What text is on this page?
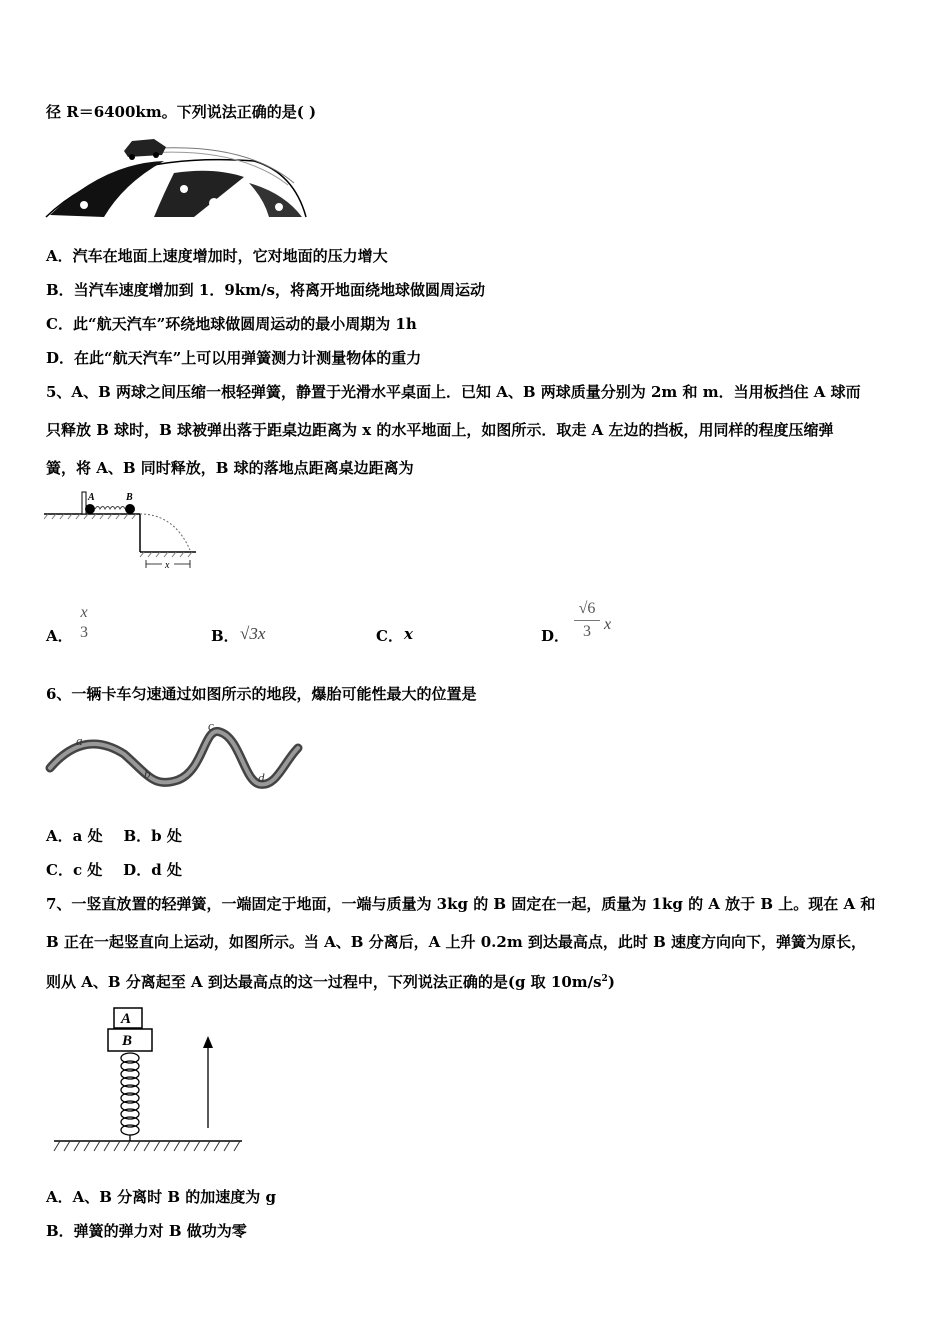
径 R＝6400km。下列说法正确的是( )
A．汽车在地面上速度增加时，它对地面的压力增大
B．当汽车速度增加到 1．9km/s，将离开地面绕地球做圆周运动
C．此“航天汽车”环绕地球做圆周运动的最小周期为 1h
D．在此“航天汽车”上可以用弹簧测力计测量物体的重力
5、A、B 两球之间压缩一根轻弹簧，静置于光滑水平桌面上．已知 A、B 两球质量分别为 2m 和 m．当用板挡住 A 球而
只释放 B 球时，B 球被弹出落于距桌边距离为 x 的水平地面上，如图所示．取走 A 左边的挡板，用同样的程度压缩弹
簧，将 A、B 同时释放，B 球的落地点距离桌边距离为
A	B
x
A．
x
3	B． √3x	C． x	D．
√6
3 x
6、一辆卡车匀速通过如图所示的地段，爆胎可能性最大的位置是
a
b
c
d
A．a 处    B．b 处
C．c 处    D．d 处
7、一竖直放置的轻弹簧，一端固定于地面，一端与质量为 3kg 的 B 固定在一起，质量为 1kg 的 A 放于 B 上。现在 A 和
B 正在一起竖直向上运动，如图所示。当 A、B 分离后，A 上升 0.2m 到达最高点，此时 B 速度方向向下，弹簧为原长，
则从 A、B 分离起至 A 到达最高点的这一过程中，下列说法正确的是(g 取 $10m/s^2$)
A
B
A．A、B 分离时 B 的加速度为 g
B．弹簧的弹力对 B 做功为零
